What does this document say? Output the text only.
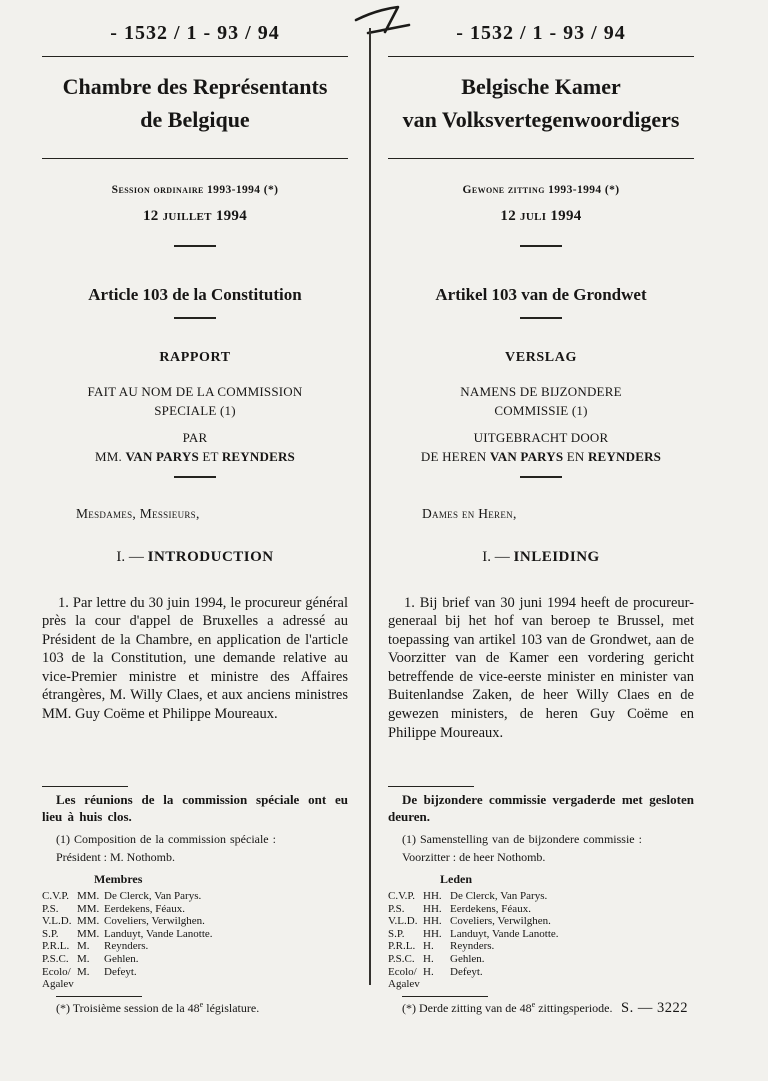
- 1532 / 1 - 93 / 94
Chambre des Représentants
de Belgique
Session ordinaire 1993-1994 (*)
12 juillet 1994
Article 103 de la Constitution
RAPPORT
FAIT AU NOM DE LA COMMISSION
SPECIALE (1)
PAR
MM. VAN PARYS ET REYNDERS
Mesdames, Messieurs,
I. — INTRODUCTION

1. Par lettre du 30 juin 1994, le procureur général près la cour d'appel de Bruxelles a adressé au Président de la Chambre, en application de l'article 103 de la Constitution, une demande relative au vice-Premier ministre et ministre des Affaires étrangères, M. Willy Claes, et aux anciens ministres MM. Guy Coëme et Philippe Moureaux.

Les réunions de la commission spéciale ont eu lieu à huis clos.
(1) Composition de la commission spéciale :
Président : M. Nothomb.
Membres
C.V.P. MM. De Clerck, Van Parys.
P.S.	MM. Eerdekens, Féaux.
V.L.D. MM. Coveliers, Verwilghen.
S.P.	MM. Landuyt, Vande Lanotte.
P.R.L. M.	Reynders.
P.S.C. M.	Gehlen.
Ecolo/ M.	Defeyt.
Agalev
(*) Troisième session de la 48e législature.
- 1532 / 1 - 93 / 94
Belgische Kamer
van Volksvertegenwoordigers
Gewone zitting 1993-1994 (*)
12 juli 1994
Artikel 103 van de Grondwet
VERSLAG
NAMENS DE BIJZONDERE
COMMISSIE (1)
UITGEBRACHT DOOR
DE HEREN VAN PARYS EN REYNDERS
Dames en Heren,
I. — INLEIDING

1. Bij brief van 30 juni 1994 heeft de procureur-generaal bij het hof van beroep te Brussel, met toepassing van artikel 103 van de Grondwet, aan de Voorzitter van de Kamer een vordering gericht betreffende de vice-eerste minister en minister van Buitenlandse Zaken, de heer Willy Claes en de gewezen ministers, de heren Guy Coëme en Philippe Moureaux.

De bijzondere commissie vergaderde met gesloten deuren.
(1) Samenstelling van de bijzondere commissie :
Voorzitter : de heer Nothomb.
Leden
C.V.P. HH. De Clerck, Van Parys.
P.S.	HH. Eerdekens, Féaux.
V.L.D. HH. Coveliers, Verwilghen.
S.P.	HH. Landuyt, Vande Lanotte.
P.R.L. H.	Reynders.
P.S.C. H.	Gehlen.
Ecolo/ H.	Defeyt.
Agalev
(*) Derde zitting van de 48e zittingsperiode. S. — 3222
